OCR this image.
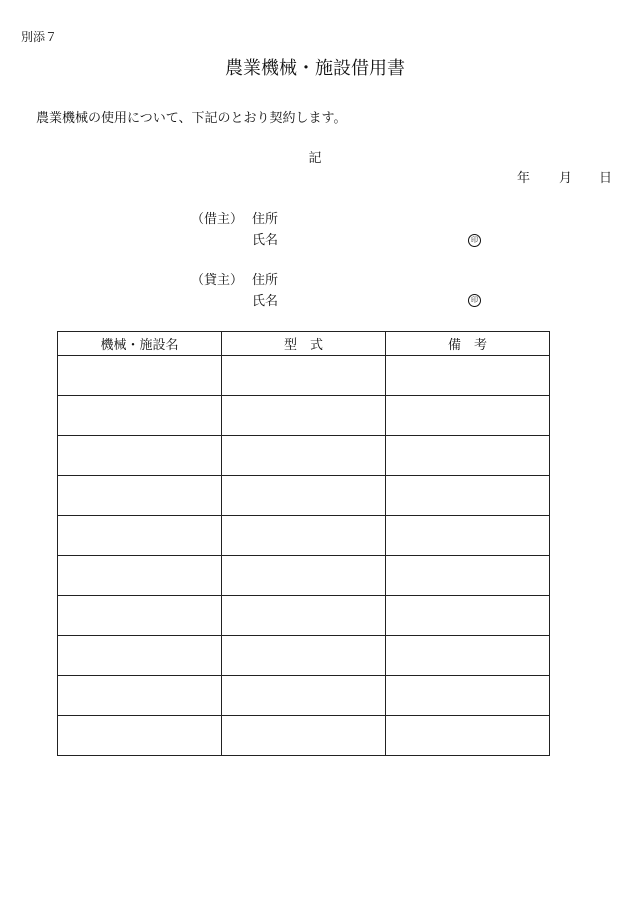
別添７
農業機械・施設借用書
農業機械の使用について、下記のとおり契約します。
記
年 月 日
（借主） 住所
氏名	印
（貸主） 住所
氏名	印
機械・施設名	型　式	備　考
